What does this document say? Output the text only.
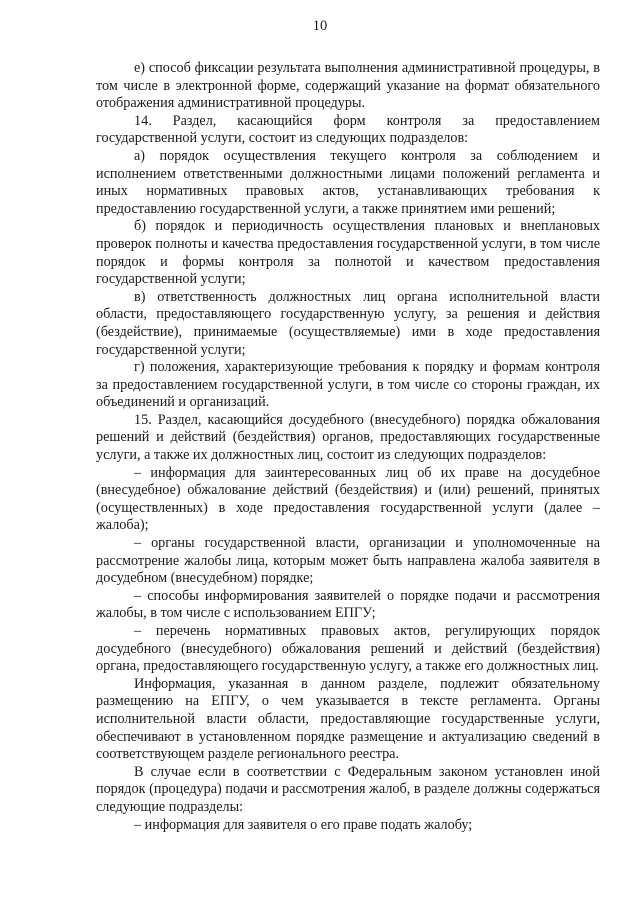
10

е) способ фиксации результата выполнения административной процедуры, в том числе в электронной форме, содержащий указание на формат обязательного отображения административной процедуры.

14. Раздел, касающийся форм контроля за предоставлением государственной услуги, состоит из следующих подразделов:

а) порядок осуществления текущего контроля за соблюдением и исполнением ответственными должностными лицами положений регламента и иных нормативных правовых актов, устанавливающих требования к предоставлению государственной услуги, а также принятием ими решений;

б) порядок и периодичность осуществления плановых и внеплановых проверок полноты и качества предоставления государственной услуги, в том числе порядок и формы контроля за полнотой и качеством предоставления государственной услуги;

в) ответственность должностных лиц органа исполнительной власти области, предоставляющего государственную услугу, за решения и действия (бездействие), принимаемые (осуществляемые) ими в ходе предоставления государственной услуги;

г) положения, характеризующие требования к порядку и формам контроля за предоставлением государственной услуги, в том числе со стороны граждан, их объединений и организаций.

15. Раздел, касающийся досудебного (внесудебного) порядка обжалования решений и действий (бездействия) органов, предоставляющих государственные услуги, а также их должностных лиц, состоит из следующих подразделов:

– информация для заинтересованных лиц об их праве на досудебное (внесудебное) обжалование действий (бездействия) и (или) решений, принятых (осуществленных) в ходе предоставления государственной услуги (далее – жалоба);

– органы государственной власти, организации и уполномоченные на рассмотрение жалобы лица, которым может быть направлена жалоба заявителя в досудебном (внесудебном) порядке;

– способы информирования заявителей о порядке подачи и рассмотрения жалобы, в том числе с использованием ЕПГУ;

– перечень нормативных правовых актов, регулирующих порядок досудебного (внесудебного) обжалования решений и действий (бездействия) органа, предоставляющего государственную услугу, а также его должностных лиц.

Информация, указанная в данном разделе, подлежит обязательному размещению на ЕПГУ, о чем указывается в тексте регламента. Органы исполнительной власти области, предоставляющие государственные услуги, обеспечивают в установленном порядке размещение и актуализацию сведений в соответствующем разделе регионального реестра.

В случае если в соответствии с Федеральным законом установлен иной порядок (процедура) подачи и рассмотрения жалоб, в разделе должны содержаться следующие подразделы:

– информация для заявителя о его праве подать жалобу;
